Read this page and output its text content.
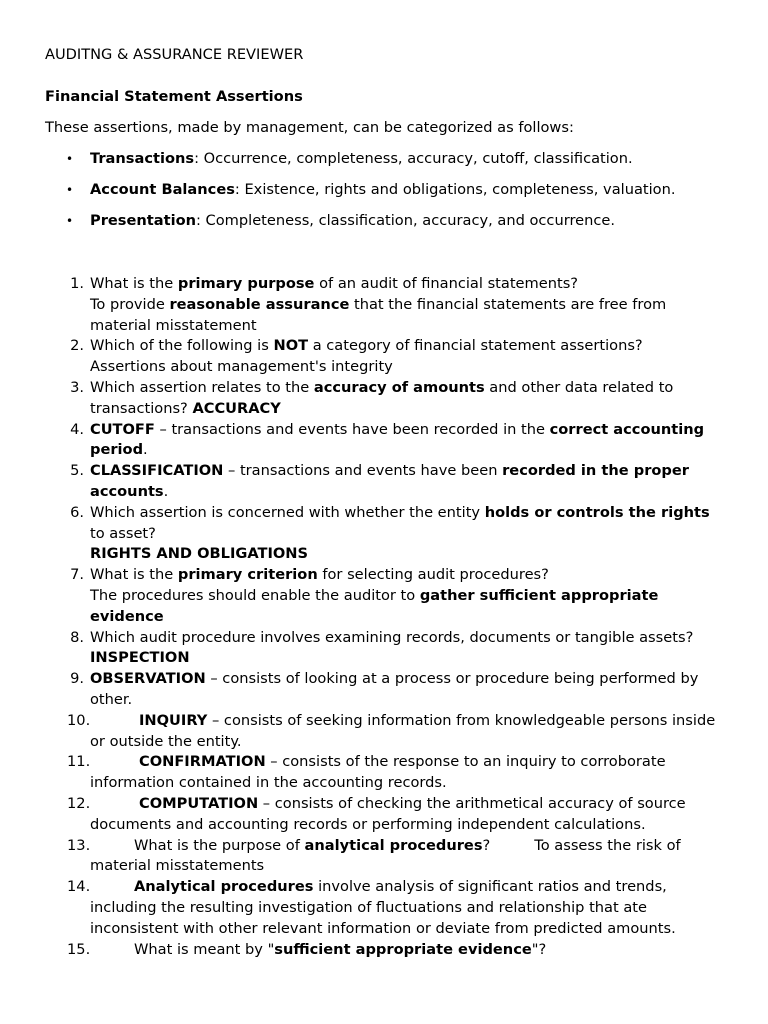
AUDITNG & ASSURANCE REVIEWER
Financial Statement Assertions
These assertions, made by management, can be categorized as follows:
• Transactions: Occurrence, completeness, accuracy, cutoff, classification.
• Account Balances: Existence, rights and obligations, completeness, valuation.
• Presentation: Completeness, classification, accuracy, and occurrence.
1. What is the primary purpose of an audit of financial statements?
To provide reasonable assurance that the financial statements are free from material misstatement
2. Which of the following is NOT a category of financial statement assertions?
Assertions about management's integrity
3. Which assertion relates to the accuracy of amounts and other data related to transactions? ACCURACY
4. CUTOFF – transactions and events have been recorded in the correct accounting period.
5. CLASSIFICATION – transactions and events have been recorded in the proper accounts.
6. Which assertion is concerned with whether the entity holds or controls the rights to asset?
RIGHTS AND OBLIGATIONS
7. What is the primary criterion for selecting audit procedures?
The procedures should enable the auditor to gather sufficient appropriate evidence
8. Which audit procedure involves examining records, documents or tangible assets?
INSPECTION
9. OBSERVATION – consists of looking at a process or procedure being performed by other.
10.	INQUIRY – consists of seeking information from knowledgeable persons inside or outside the entity.
11.	CONFIRMATION – consists of the response to an inquiry to corroborate information contained in the accounting records.
12.	COMPUTATION – consists of checking the arithmetical accuracy of source documents and accounting records or performing independent calculations.
13.	What is the purpose of analytical procedures?	To assess the risk of material misstatements
14.	Analytical procedures involve analysis of significant ratios and trends, including the resulting investigation of fluctuations and relationship that ate inconsistent with other relevant information or deviate from predicted amounts.
15.	What is meant by "sufficient appropriate evidence"?
